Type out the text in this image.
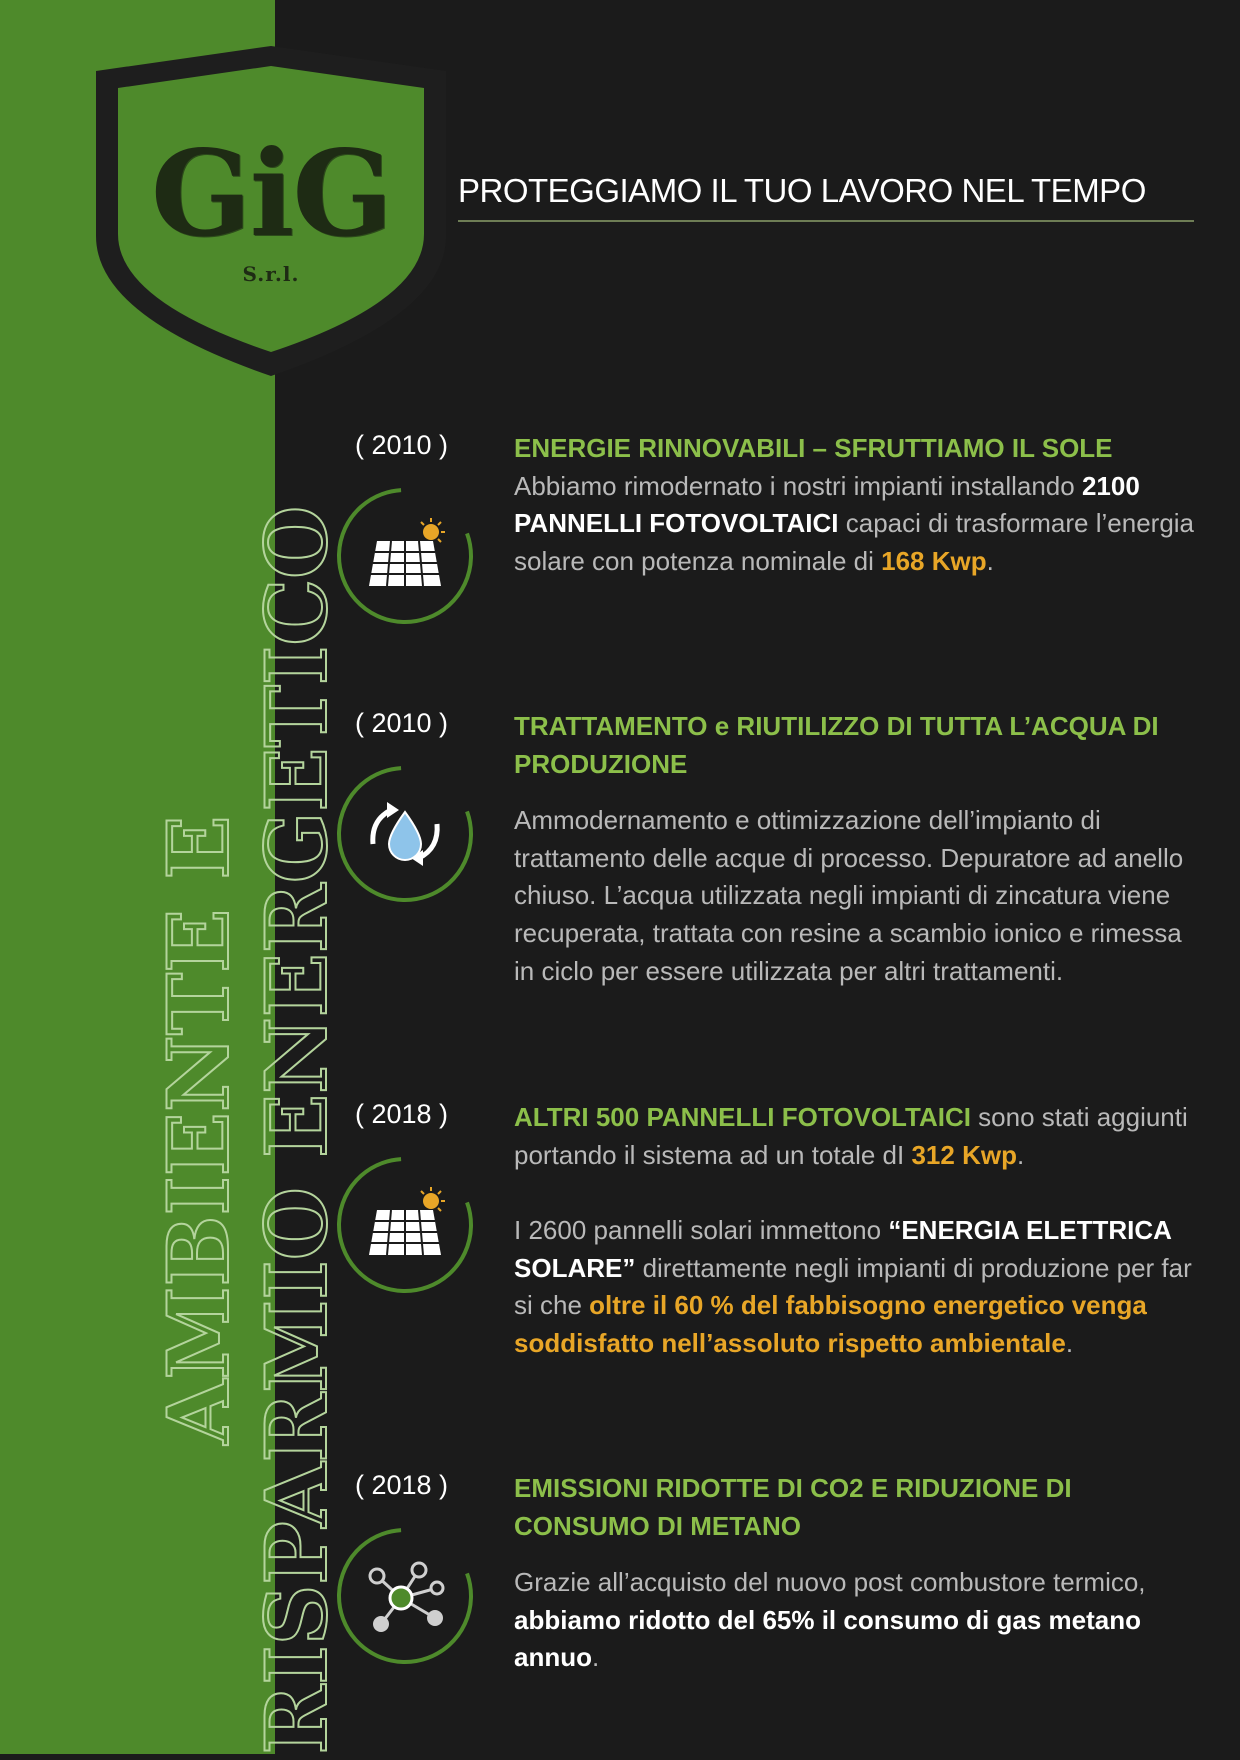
GiG
S.r.l.
AMBIENTE E RISPARMIO ENERGETICO
PROTEGGIAMO IL TUO LAVORO NEL TEMPO
( 2010 )	ENERGIE RINNOVABILI – SFRUTTIAMO IL SOLE

Abbiamo rimodernato i nostri impianti installando 2100 PANNELLI FOTOVOLTAICI capaci di trasformare l’energia solare con potenza nominale di 168 Kwp.

( 2010 )	TRATTAMENTO e RIUTILIZZO DI TUTTA L’ACQUA DI PRODUZIONE

Ammodernamento e ottimizzazione dell’impianto di trattamento delle acque di processo. Depuratore ad anello chiuso. L’acqua utilizzata negli impianti di zincatura viene recuperata, trattata con resine a scambio ionico e rimessa in ciclo per essere utilizzata per altri trattamenti.

( 2018 )	ALTRI 500 PANNELLI FOTOVOLTAICI sono stati aggiunti portando il sistema ad un totale dI 312 Kwp.

I 2600 pannelli solari immettono “ENERGIA ELETTRICA SOLARE” direttamente negli impianti di produzione per far si che oltre il 60 % del fabbisogno energetico venga soddisfatto nell’assoluto rispetto ambientale.

( 2018 )	EMISSIONI RIDOTTE DI CO2 E RIDUZIONE DI CONSUMO DI METANO

Grazie all’acquisto del nuovo post combustore termico, abbiamo ridotto del 65% il consumo di gas metano annuo.
